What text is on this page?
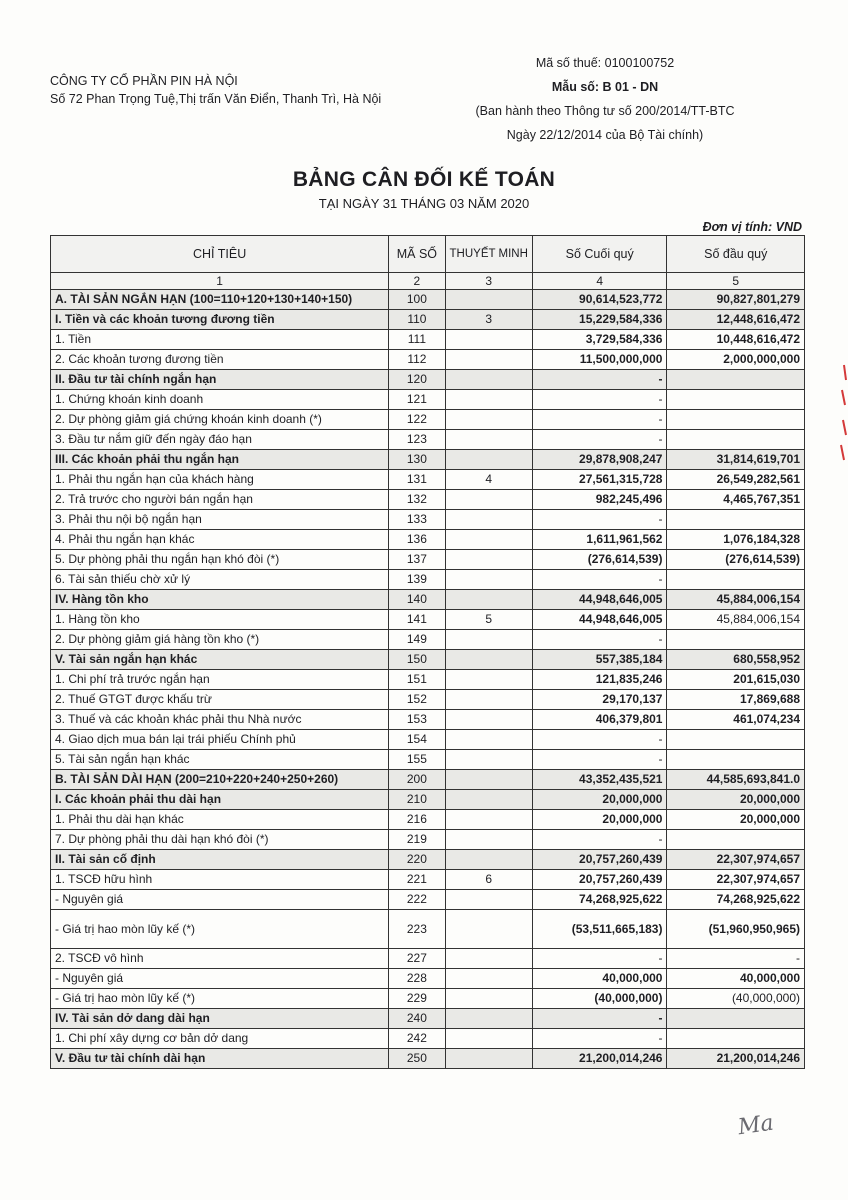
CÔNG TY CỔ PHẦN PIN HÀ NỘI
Số 72 Phan Trọng Tuệ,Thị trấn Văn Điển, Thanh Trì, Hà Nội
Mã số thuế: 0100100752
Mẫu số: B 01 - DN
(Ban hành theo Thông tư số 200/2014/TT-BTC
Ngày 22/12/2014 của Bộ Tài chính)
BẢNG CÂN ĐỐI KẾ TOÁN
TẠI NGÀY 31 THÁNG 03 NĂM 2020
Đơn vị tính: VND
CHỈ TIÊU	MÃ SỐ	THUYẾT MINH	Số Cuối quý	Số đầu quý
1	2	3	4	5
A. TÀI SẢN NGẮN HẠN (100=110+120+130+140+150)	100		90,614,523,772	90,827,801,279
I. Tiền và các khoản tương đương tiền	110	3	15,229,584,336	12,448,616,472
1. Tiền	111		3,729,584,336	10,448,616,472
2. Các khoản tương đương tiền	112		11,500,000,000	2,000,000,000
II. Đầu tư tài chính ngắn hạn	120		-	
1. Chứng khoán kinh doanh	121		-	
2. Dự phòng giảm giá chứng khoán kinh doanh (*)	122		-	
3. Đầu tư nắm giữ đến ngày đáo hạn	123		-	
III. Các khoản phải thu ngắn hạn	130		29,878,908,247	31,814,619,701
1. Phải thu ngắn hạn của khách hàng	131	4	27,561,315,728	26,549,282,561
2. Trả trước cho người bán ngắn hạn	132		982,245,496	4,465,767,351
3. Phải thu nội bộ ngắn hạn	133		-	
4. Phải thu ngắn hạn khác	136		1,611,961,562	1,076,184,328
5. Dự phòng phải thu ngắn hạn khó đòi (*)	137		(276,614,539)	(276,614,539)
6. Tài sản thiếu chờ xử lý	139		-	
IV. Hàng tồn kho	140		44,948,646,005	45,884,006,154
1. Hàng tồn kho	141	5	44,948,646,005	45,884,006,154
2. Dự phòng giảm giá hàng tồn kho (*)	149		-	
V. Tài sản ngắn hạn khác	150		557,385,184	680,558,952
1. Chi phí trả trước ngắn hạn	151		121,835,246	201,615,030
2. Thuế GTGT được khấu trừ	152		29,170,137	17,869,688
3. Thuế và các khoản khác phải thu Nhà nước	153		406,379,801	461,074,234
4. Giao dịch mua bán lại trái phiếu Chính phủ	154		-	
5. Tài sản ngắn hạn khác	155		-	
B. TÀI SẢN DÀI HẠN (200=210+220+240+250+260)	200		43,352,435,521	44,585,693,841.0
I. Các khoản phải thu dài hạn	210		20,000,000	20,000,000
1. Phải thu dài hạn khác	216		20,000,000	20,000,000
7. Dự phòng phải thu dài hạn khó đòi (*)	219		-	
II. Tài sản cố định	220		20,757,260,439	22,307,974,657
1. TSCĐ hữu hình	221	6	20,757,260,439	22,307,974,657
- Nguyên giá	222		74,268,925,622	74,268,925,622
- Giá trị hao mòn lũy kế (*)	223		(53,511,665,183)	(51,960,950,965)
2. TSCĐ vô hình	227		-	-
- Nguyên giá	228		40,000,000	40,000,000
- Giá trị hao mòn lũy kế (*)	229		(40,000,000)	(40,000,000)
IV. Tài sản dở dang dài hạn	240		-	
1. Chi phí xây dựng cơ bản dở dang	242		-	
V. Đầu tư tài chính dài hạn	250		21,200,014,246	21,200,014,246
Ma
